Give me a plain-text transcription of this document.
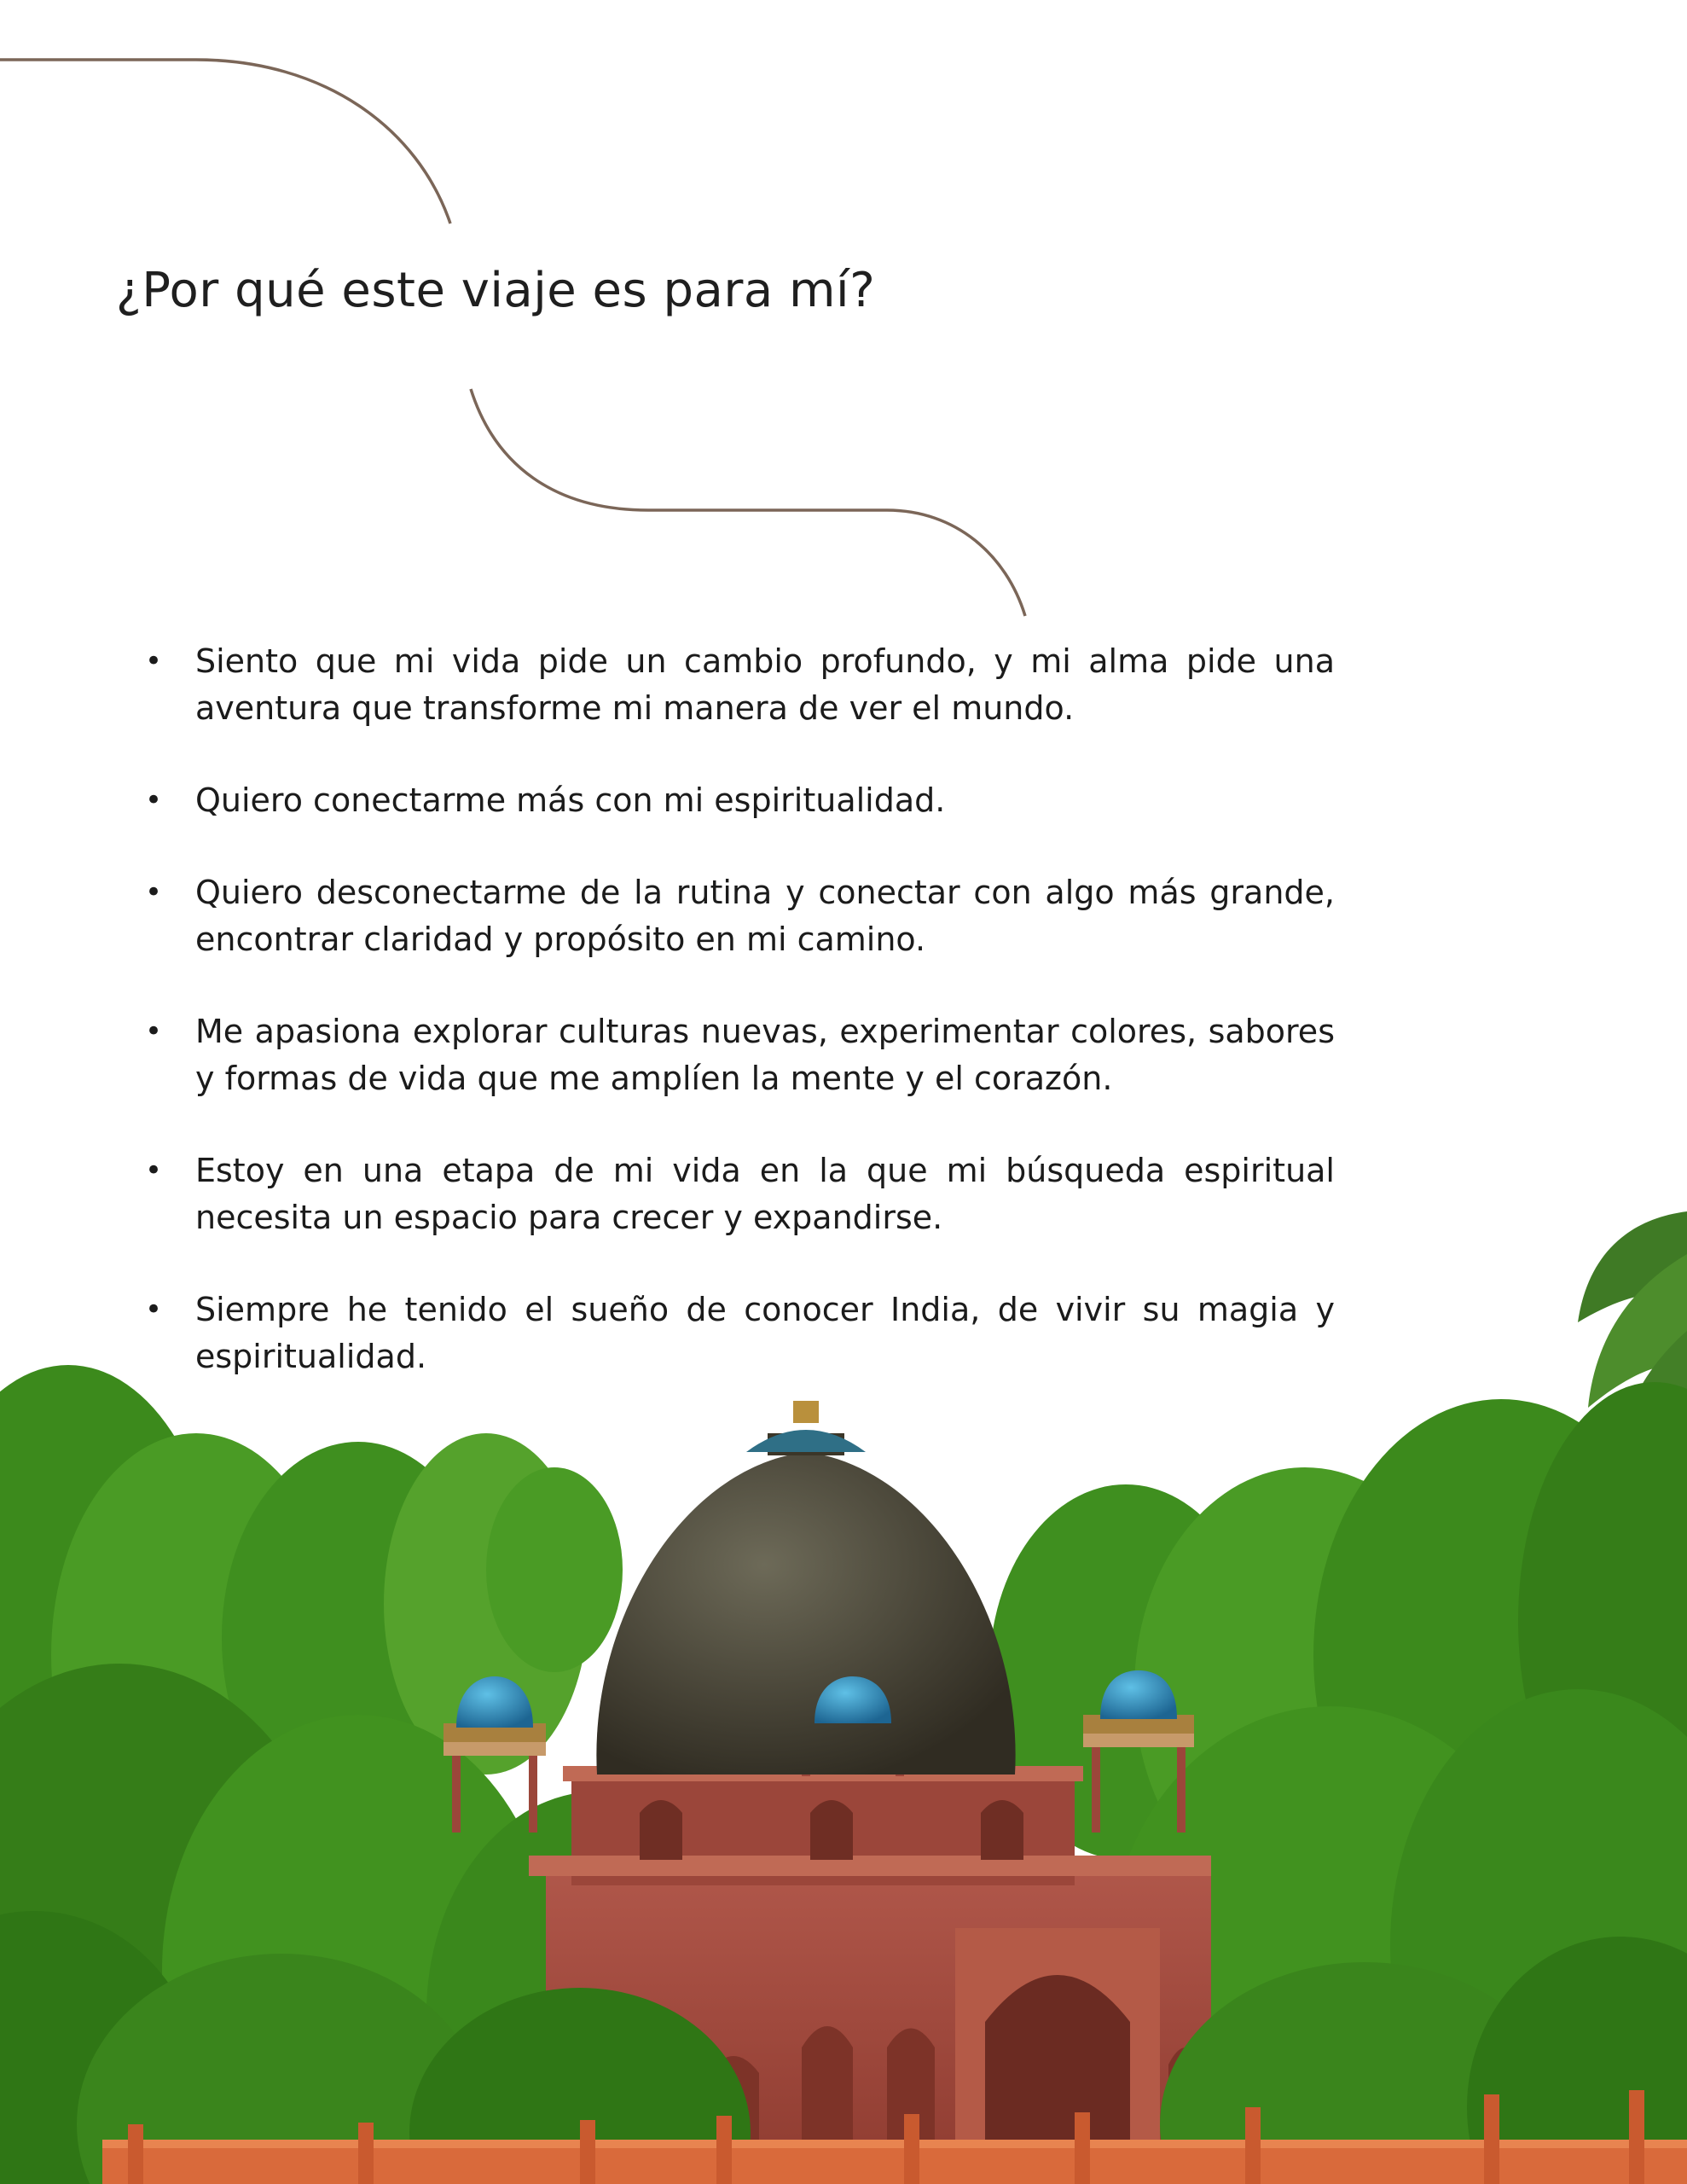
¿Por qué este viaje es para mí?
• Siento que mi vida pide un cambio profundo, y mi alma pide una aventura que transforme mi manera de ver el mundo.
• Quiero conectarme más con mi espiritualidad.
• Quiero desconectarme de la rutina y conectar con algo más grande, encontrar claridad y propósito en mi camino.
• Me apasiona explorar culturas nuevas, experimentar colores, sabores y formas de vida que me amplíen la mente y el corazón.
• Estoy en una etapa de mi vida en la que mi búsqueda espiritual necesita un espacio para crecer y expandirse.
• Siempre he tenido el sueño de conocer India, de vivir su magia y espiritualidad.
